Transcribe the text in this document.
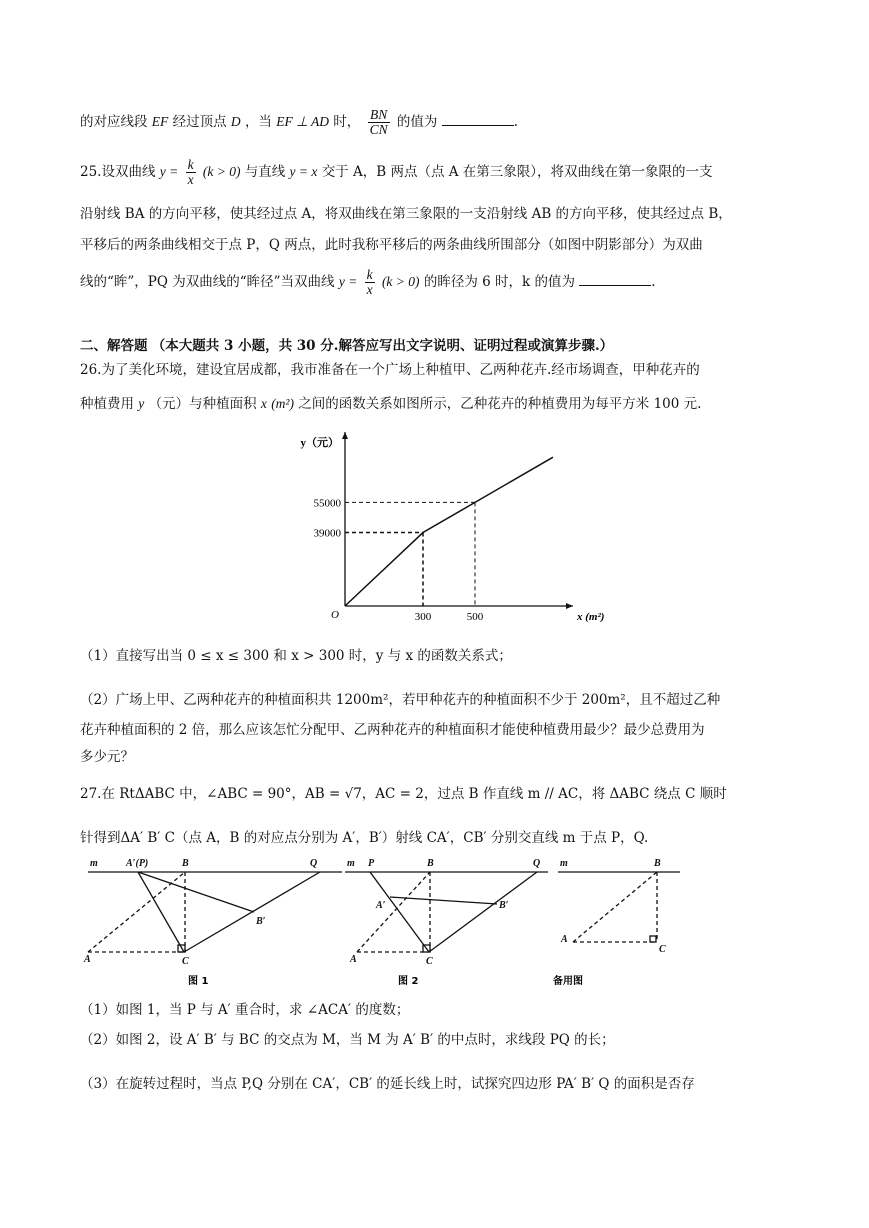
的对应线段 EF 经过顶点 D ，当 EF ⊥ AD 时， $\frac{BN}{CN}$ 的值为	.
25.设双曲线 $y = \frac{k}{x} (k > 0)$ 与直线 y = x 交于 A，B 两点（点 A 在第三象限），将双曲线在第一象限的一支
沿射线 BA 的方向平移，使其经过点 A，将双曲线在第三象限的一支沿射线 AB 的方向平移，使其经过点 B，
平移后的两条曲线相交于点 P，Q 两点，此时我称平移后的两条曲线所围部分（如图中阴影部分）为双曲
线的“眸”，PQ 为双曲线的“眸径”当双曲线 $y = \frac{k}{x} (k > 0)$ 的眸径为 6 时，k 的值为	.
二、解答题 （本大题共 3 小题，共 30 分.解答应写出文字说明、证明过程或演算步骤.）
26.为了美化环境，建设宜居成都，我市准备在一个广场上种植甲、乙两种花卉.经市场调查，甲种花卉的
种植费用 y （元）与种植面积 x (m²) 之间的函数关系如图所示，乙种花卉的种植费用为每平方米 100 元.
300	500
39000
55000
O
y（元）
x (m²)
（1）直接写出当 0 ≤ x ≤ 300 和 x > 300 时，y 与 x 的函数关系式；
（2）广场上甲、乙两种花卉的种植面积共 1200m²，若甲种花卉的种植面积不少于 200m²，且不超过乙种
花卉种植面积的 2 倍，那么应该怎忙分配甲、乙两种花卉的种植面积才能使种植费用最少？最少总费用为
多少元？
27.在 RtΔABC 中，∠ABC = 90°，AB = √7，AC = 2，过点 B 作直线 m // AC，将 ΔABC 绕点 C 顺时
针得到ΔA′ B′ C（点 A，B 的对应点分别为 A′，B′）射线 CA′，CB′ 分别交直线 m 于点 P，Q.
m	A′(P)	B	Q
B′
A	C
图 1
m P	B	Q
A′	B′
A	C
图 2
m	B
A
C
备用图
（1）如图 1，当 P 与 A′ 重合时，求 ∠ACA′ 的度数；
（2）如图 2，设 A′ B′ 与 BC 的交点为 M，当 M 为 A′ B′ 的中点时，求线段 PQ 的长；
（3）在旋转过程时，当点 P,Q 分别在 CA′，CB′ 的延长线上时，试探究四边形 PA′ B′ Q 的面积是否存
